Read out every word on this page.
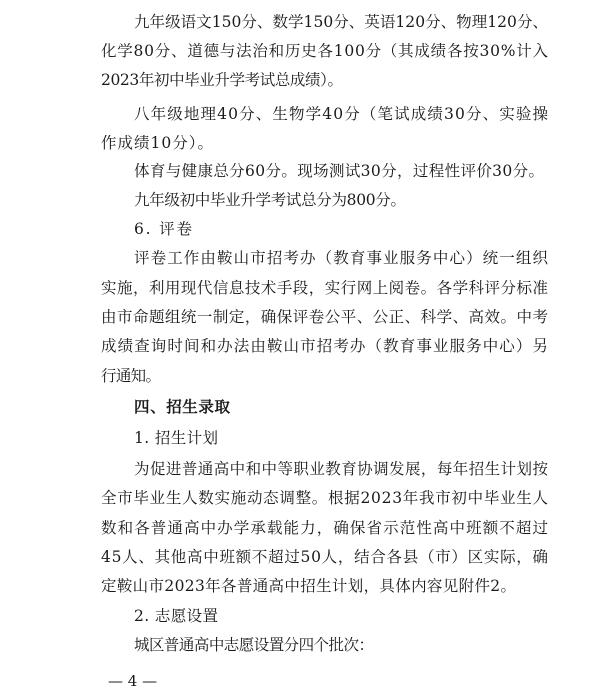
九年级语文150分、数学150分、英语120分、物理120分、
化学80分、道德与法治和历史各100分（其成绩各按30%计入
2023年初中毕业升学考试总成绩）。
八年级地理40分、生物学40分（笔试成绩30分、实验操
作成绩10分）。
体育与健康总分60分。现场测试30分，过程性评价30分。
九年级初中毕业升学考试总分为800分。
6. 评卷
评卷工作由鞍山市招考办（教育事业服务中心）统一组织
实施，利用现代信息技术手段，实行网上阅卷。各学科评分标准
由市命题组统一制定，确保评卷公平、公正、科学、高效。中考
成绩查询时间和办法由鞍山市招考办（教育事业服务中心）另
行通知。
四、招生录取
1. 招生计划
为促进普通高中和中等职业教育协调发展，每年招生计划按
全市毕业生人数实施动态调整。根据2023年我市初中毕业生人
数和各普通高中办学承载能力，确保省示范性高中班额不超过
45人、其他高中班额不超过50人，结合各县（市）区实际，确
定鞍山市2023年各普通高中招生计划，具体内容见附件2。
2. 志愿设置
城区普通高中志愿设置分四个批次：
— 4 —
